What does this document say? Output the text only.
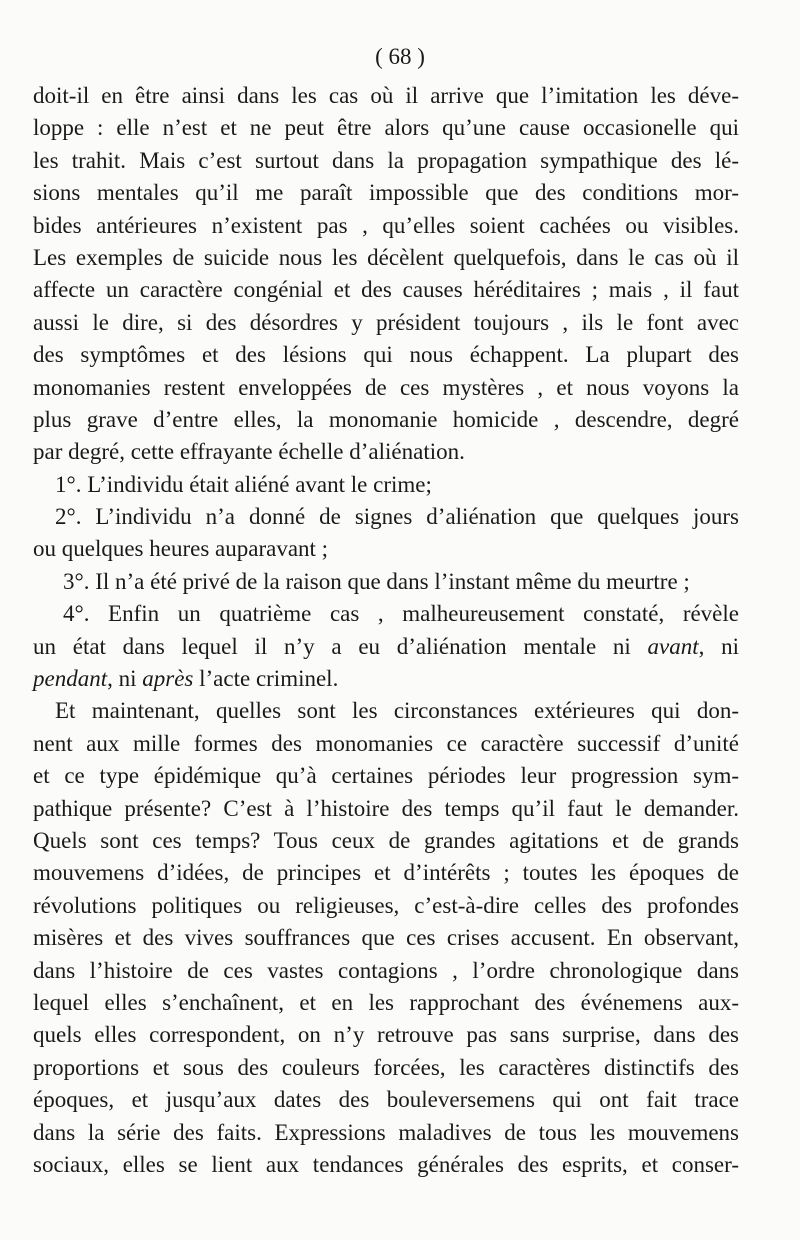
( 68 )
doit-il en être ainsi dans les cas où il arrive que l’imitation les déve-
loppe : elle n’est et ne peut être alors qu’une cause occasionelle qui
les trahit. Mais c’est surtout dans la propagation sympathique des lé-
sions mentales qu’il me paraît impossible que des conditions mor-
bides antérieures n’existent pas , qu’elles soient cachées ou visibles.
Les exemples de suicide nous les décèlent quelquefois, dans le cas où il
affecte un caractère congénial et des causes héréditaires ; mais , il faut
aussi le dire, si des désordres y président toujours , ils le font avec
des symptômes et des lésions qui nous échappent. La plupart des
monomanies restent enveloppées de ces mystères , et nous voyons la
plus grave d’entre elles, la monomanie homicide , descendre, degré
par degré, cette effrayante échelle d’aliénation.
1°. L’individu était aliéné avant le crime;
2°. L’individu n’a donné de signes d’aliénation que quelques jours
ou quelques heures auparavant ;
3°. Il n’a été privé de la raison que dans l’instant même du meurtre ;
4°. Enfin un quatrième cas , malheureusement constaté, révèle
un état dans lequel il n’y a eu d’aliénation mentale ni avant, ni
pendant, ni après l’acte criminel.
Et maintenant, quelles sont les circonstances extérieures qui don-
nent aux mille formes des monomanies ce caractère successif d’unité
et ce type épidémique qu’à certaines périodes leur progression sym-
pathique présente? C’est à l’histoire des temps qu’il faut le demander.
Quels sont ces temps? Tous ceux de grandes agitations et de grands
mouvemens d’idées, de principes et d’intérêts ; toutes les époques de
révolutions politiques ou religieuses, c’est-à-dire celles des profondes
misères et des vives souffrances que ces crises accusent. En observant,
dans l’histoire de ces vastes contagions , l’ordre chronologique dans
lequel elles s’enchaînent, et en les rapprochant des événemens aux-
quels elles correspondent, on n’y retrouve pas sans surprise, dans des
proportions et sous des couleurs forcées, les caractères distinctifs des
époques, et jusqu’aux dates des bouleversemens qui ont fait trace
dans la série des faits. Expressions maladives de tous les mouvemens
sociaux, elles se lient aux tendances générales des esprits, et conser-
